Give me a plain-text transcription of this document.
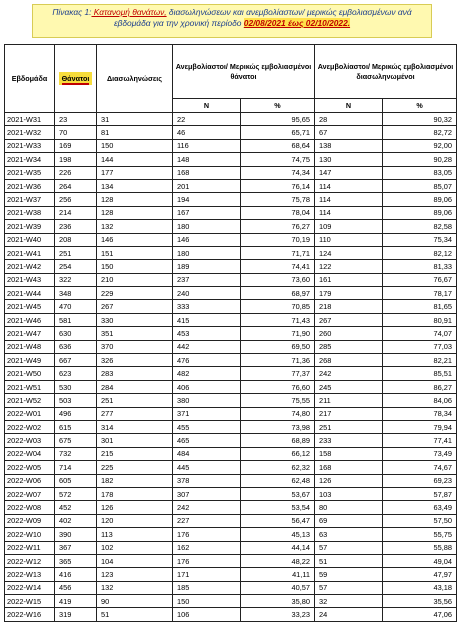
Πίνακας 1: Κατανομή θανάτων, διασωληνώσεων και ανεμβολίαστων/ μερικώς εμβολιασμένων ανά εβδομάδα για την χρονική περίοδο 02/08/2021 έως 02/10/2022.
Εβδομάδα	Θάνατοι	Διασωληνώσεις	Ανεμβολίαστοι/ Μερικώς εμβολιασμένοι θάνατοι		Ανεμβολίαστοι/ Μερικώς εμβολιασμένοι διασωληνωμένοι	
			Ν	%	Ν	%
2021-W31	23	31	22	95,65	28	90,32
2021-W32	70	81	46	65,71	67	82,72
2021-W33	169	150	116	68,64	138	92,00
2021-W34	198	144	148	74,75	130	90,28
2021-W35	226	177	168	74,34	147	83,05
2021-W36	264	134	201	76,14	114	85,07
2021-W37	256	128	194	75,78	114	89,06
2021-W38	214	128	167	78,04	114	89,06
2021-W39	236	132	180	76,27	109	82,58
2021-W40	208	146	146	70,19	110	75,34
2021-W41	251	151	180	71,71	124	82,12
2021-W42	254	150	189	74,41	122	81,33
2021-W43	322	210	237	73,60	161	76,67
2021-W44	348	229	240	68,97	179	78,17
2021-W45	470	267	333	70,85	218	81,65
2021-W46	581	330	415	71,43	267	80,91
2021-W47	630	351	453	71,90	260	74,07
2021-W48	636	370	442	69,50	285	77,03
2021-W49	667	326	476	71,36	268	82,21
2021-W50	623	283	482	77,37	242	85,51
2021-W51	530	284	406	76,60	245	86,27
2021-W52	503	251	380	75,55	211	84,06
2022-W01	496	277	371	74,80	217	78,34
2022-W02	615	314	455	73,98	251	79,94
2022-W03	675	301	465	68,89	233	77,41
2022-W04	732	215	484	66,12	158	73,49
2022-W05	714	225	445	62,32	168	74,67
2022-W06	605	182	378	62,48	126	69,23
2022-W07	572	178	307	53,67	103	57,87
2022-W08	452	126	242	53,54	80	63,49
2022-W09	402	120	227	56,47	69	57,50
2022-W10	390	113	176	45,13	63	55,75
2022-W11	367	102	162	44,14	57	55,88
2022-W12	365	104	176	48,22	51	49,04
2022-W13	416	123	171	41,11	59	47,97
2022-W14	456	132	185	40,57	57	43,18
2022-W15	419	90	150	35,80	32	35,56
2022-W16	319	51	106	33,23	24	47,06
